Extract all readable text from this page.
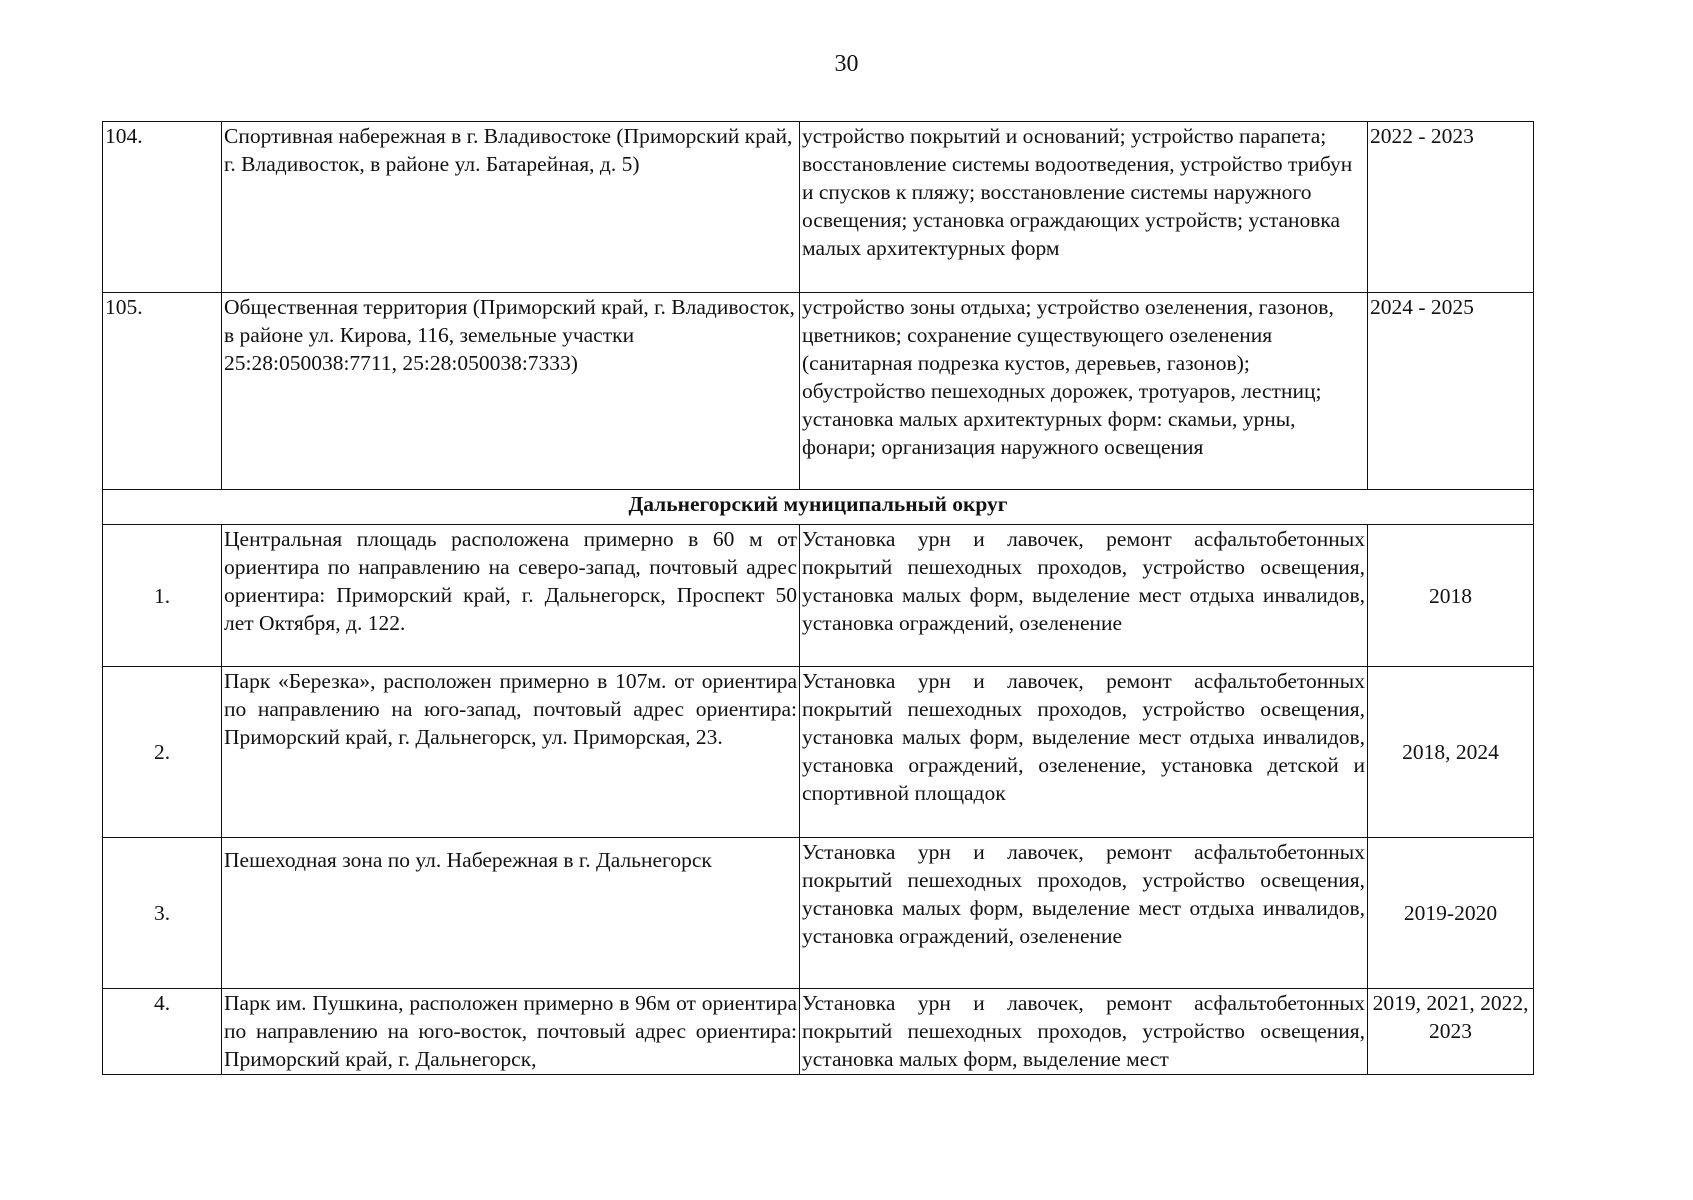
30
104.	Спортивная набережная в г. Владивостоке (Приморский край, г. Владивосток, в районе ул. Батарейная, д. 5)	устройство покрытий и оснований; устройство парапета; восстановление системы водоотведения, устройство трибун и спусков к пляжу; восстановление системы наружного освещения; установка ограждающих устройств; установка малых архитектурных форм	2022 - 2023
105.	Общественная территория (Приморский край, г. Владивосток, в районе ул. Кирова, 116, земельные участки 25:28:050038:7711, 25:28:050038:7333)	устройство зоны отдыха; устройство озеленения, газонов, цветников; сохранение существующего озеленения (санитарная подрезка кустов, деревьев, газонов); обустройство пешеходных дорожек, тротуаров, лестниц; установка малых архитектурных форм: скамьи, урны, фонари; организация наружного освещения	2024 - 2025
Дальнегорский муниципальный округ			
1.	Центральная площадь расположена примерно в 60 м от ориентира по направлению на северо-запад, почтовый адрес ориентира: Приморский край, г. Дальнегорск, Проспект 50 лет Октября, д. 122.	Установка урн и лавочек, ремонт асфальтобетонных покрытий пешеходных проходов, устройство освещения, установка малых форм, выделение мест отдыха инвалидов, установка ограждений, озеленение	2018
2.	Парк «Березка», расположен примерно в 107м. от ориентира по направлению на юго-запад, почтовый адрес ориентира: Приморский край, г. Дальнегорск, ул. Приморская, 23.	Установка урн и лавочек, ремонт асфальтобетонных покрытий пешеходных проходов, устройство освещения, установка малых форм, выделение мест отдыха инвалидов, установка ограждений, озеленение, установка детской и спортивной площадок	2018, 2024
3.	Пешеходная зона по ул. Набережная в г. Дальнегорск	Установка урн и лавочек, ремонт асфальтобетонных покрытий пешеходных проходов, устройство освещения, установка малых форм, выделение мест отдыха инвалидов, установка ограждений, озеленение	2019-2020
4.	Парк им. Пушкина, расположен примерно в 96м от ориентира по направлению на юго-восток, почтовый адрес ориентира: Приморский край, г. Дальнегорск,	Установка урн и лавочек, ремонт асфальтобетонных покрытий пешеходных проходов, устройство освещения, установка малых форм, выделение мест	2019, 2021, 2022, 2023
